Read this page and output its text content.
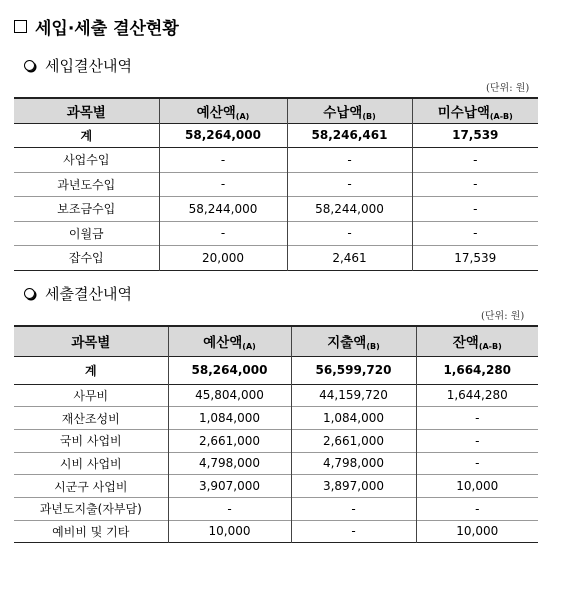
세입·세출 결산현황
세입결산내역
(단위: 원)
과목별	예산액$_{(A)}$	수납액$_{(B)}$	미수납액$_{(A-B)}$
계	58,264,000	58,246,461	17,539
사업수입	-	-	-
과년도수입	-	-	-
보조금수입	58,244,000	58,244,000	-
이월금	-	-	-
잡수입	20,000	2,461	17,539
세출결산내역
(단위: 원)
과목별	예산액$_{(A)}$	지출액$_{(B)}$	잔액$_{(A-B)}$
계	58,264,000	56,599,720	1,664,280
사무비	45,804,000	44,159,720	1,644,280
재산조성비	1,084,000	1,084,000	-
국비 사업비	2,661,000	2,661,000	-
시비 사업비	4,798,000	4,798,000	-
시군구 사업비	3,907,000	3,897,000	10,000
과년도지출(자부담)	-	-	-
예비비 및 기타	10,000	-	10,000
